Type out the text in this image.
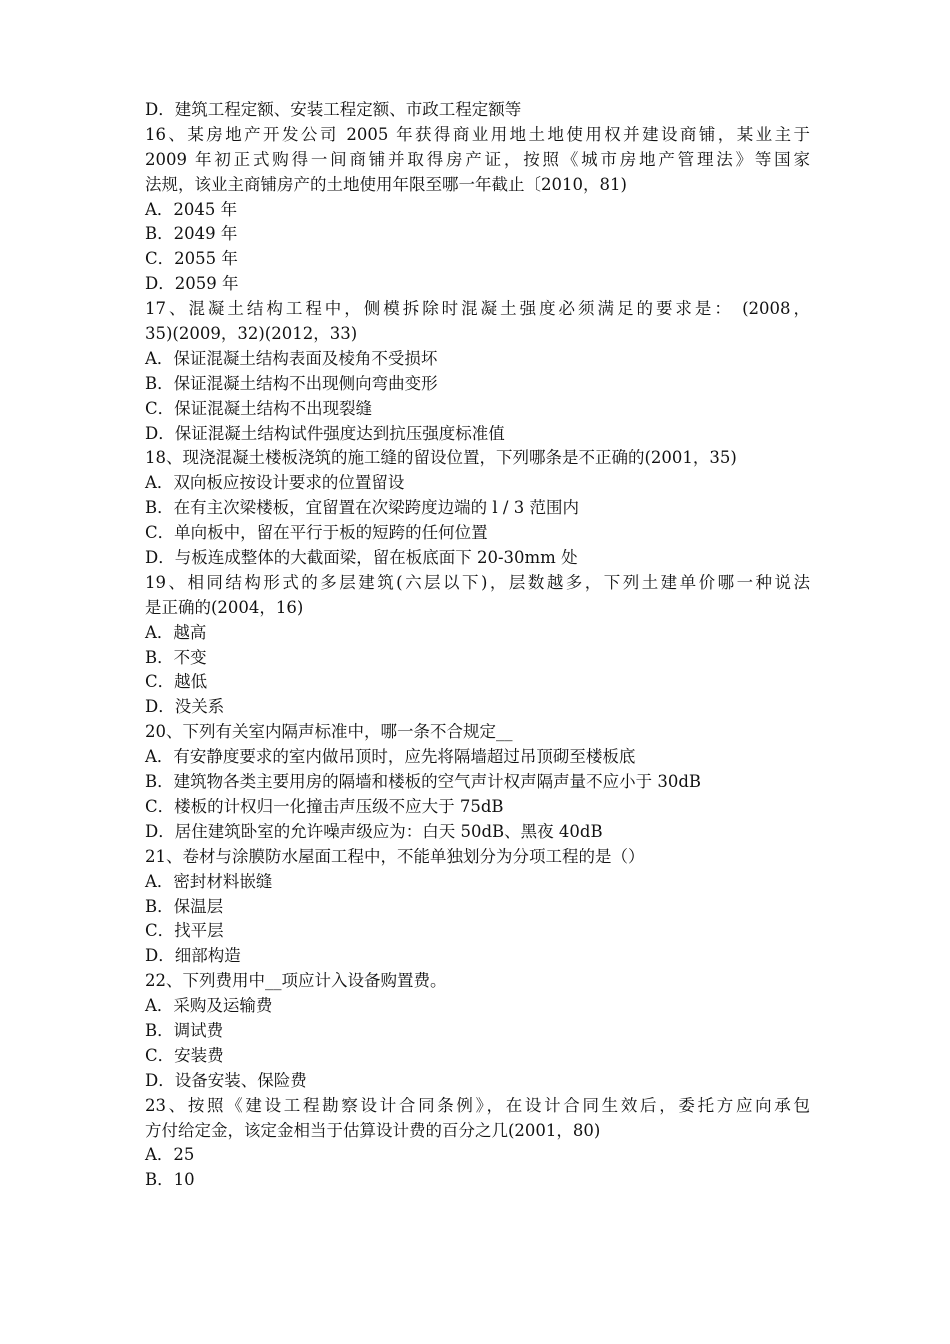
D．建筑工程定额、安装工程定额、市政工程定额等
16、某房地产开发公司 2005 年获得商业用地土地使用权并建设商铺，某业主于
2009 年初正式购得一间商铺并取得房产证，按照《城市房地产管理法》等国家
法规，该业主商铺房产的土地使用年限至哪一年截止〔2010，81)
A．2045 年
B．2049 年
C．2055 年
D．2059 年
17、混凝土结构工程中，侧模拆除时混凝土强度必须满足的要求是： (2008，
35)(2009，32)(2012，33)
A．保证混凝土结构表面及棱角不受损坏
B．保证混凝土结构不出现侧向弯曲变形
C．保证混凝土结构不出现裂缝
D．保证混凝土结构试件强度达到抗压强度标准值
18、现浇混凝土楼板浇筑的施工缝的留设位置，下列哪条是不正确的(2001，35)
A．双向板应按设计要求的位置留设
B．在有主次梁楼板，宜留置在次梁跨度边端的 l / 3 范围内
C．单向板中，留在平行于板的短跨的任何位置
D．与板连成整体的大截面梁，留在板底面下 20-30mm 处
19、相同结构形式的多层建筑(六层以下)，层数越多，下列土建单价哪一种说法
是正确的(2004，16)
A．越高
B．不变
C．越低
D．没关系
20、下列有关室内隔声标准中，哪一条不合规定__
A．有安静度要求的室内做吊顶时，应先将隔墙超过吊顶砌至楼板底
B．建筑物各类主要用房的隔墙和楼板的空气声计权声隔声量不应小于 30dB
C．楼板的计权归一化撞击声压级不应大于 75dB
D．居住建筑卧室的允许噪声级应为：白天 50dB、黑夜 40dB
21、卷材与涂膜防水屋面工程中，不能单独划分为分项工程的是（）
A．密封材料嵌缝
B．保温层
C．找平层
D．细部构造
22、下列费用中__项应计入设备购置费。
A．采购及运输费
B．调试费
C．安装费
D．设备安装、保险费
23、按照《建设工程勘察设计合同条例》，在设计合同生效后，委托方应向承包
方付给定金，该定金相当于估算设计费的百分之几(2001，80)
A．25
B．10
